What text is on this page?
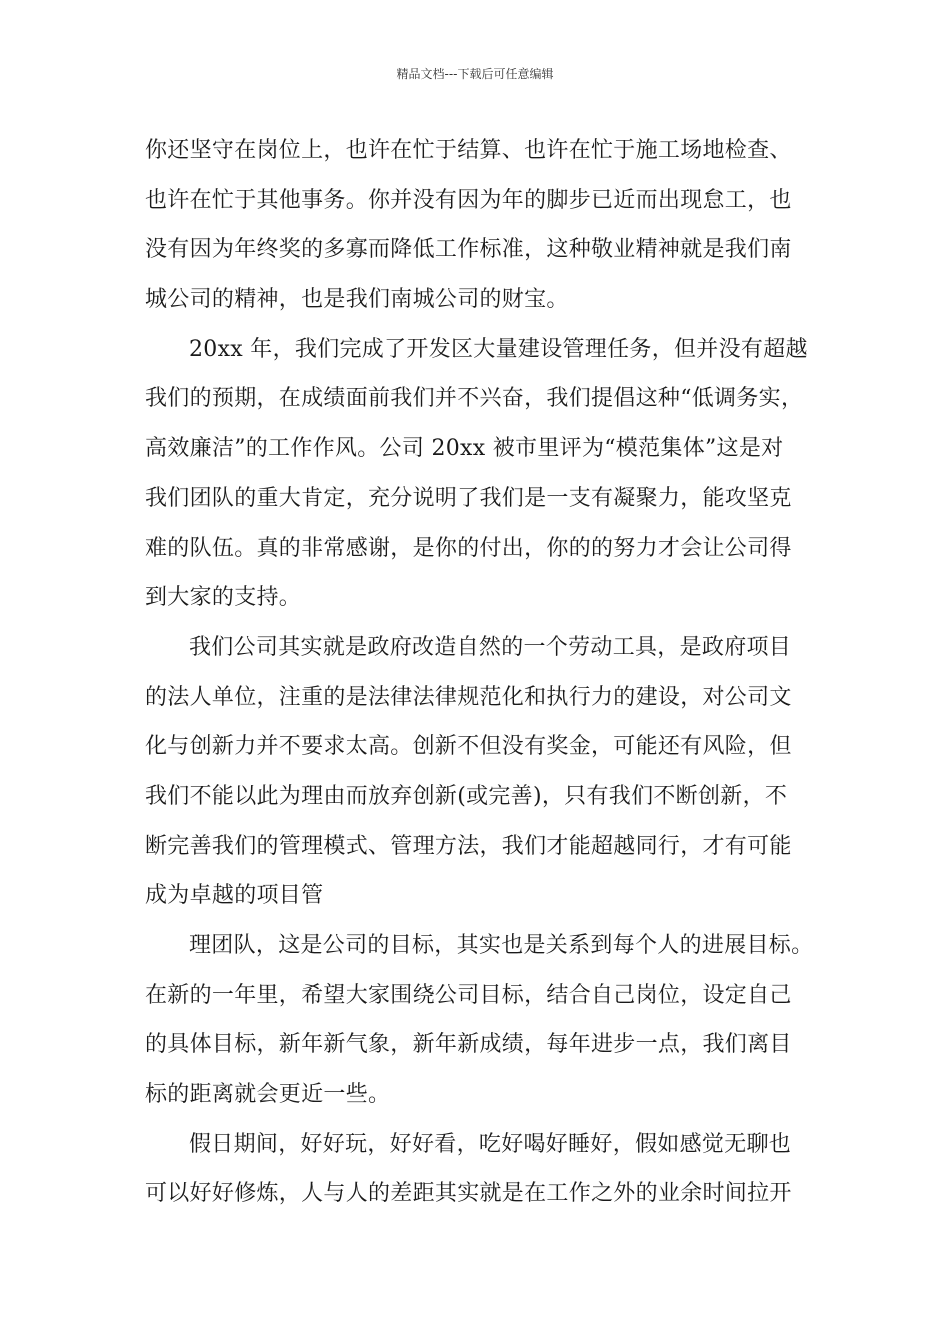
精品文档---下载后可任意编辑

你还坚守在岗位上，也许在忙于结算、也许在忙于施工场地检查、
也许在忙于其他事务。你并没有因为年的脚步已近而出现怠工，也
没有因为年终奖的多寡而降低工作标准，这种敬业精神就是我们南
城公司的精神，也是我们南城公司的财宝。

20xx 年，我们完成了开发区大量建设管理任务，但并没有超越
我们的预期，在成绩面前我们并不兴奋，我们提倡这种“低调务实，
高效廉洁”的工作作风。公司 20xx 被市里评为“模范集体”这是对
我们团队的重大肯定，充分说明了我们是一支有凝聚力，能攻坚克
难的队伍。真的非常感谢，是你的付出，你的的努力才会让公司得
到大家的支持。

我们公司其实就是政府改造自然的一个劳动工具，是政府项目
的法人单位，注重的是法律法律规范化和执行力的建设，对公司文
化与创新力并不要求太高。创新不但没有奖金，可能还有风险，但
我们不能以此为理由而放弃创新(或完善)，只有我们不断创新，不
断完善我们的管理模式、管理方法，我们才能超越同行，才有可能
成为卓越的项目管

理团队，这是公司的目标，其实也是关系到每个人的进展目标。
在新的一年里，希望大家围绕公司目标，结合自己岗位，设定自己
的具体目标，新年新气象，新年新成绩，每年进步一点，我们离目
标的距离就会更近一些。

假日期间，好好玩，好好看，吃好喝好睡好，假如感觉无聊也
可以好好修炼，人与人的差距其实就是在工作之外的业余时间拉开
